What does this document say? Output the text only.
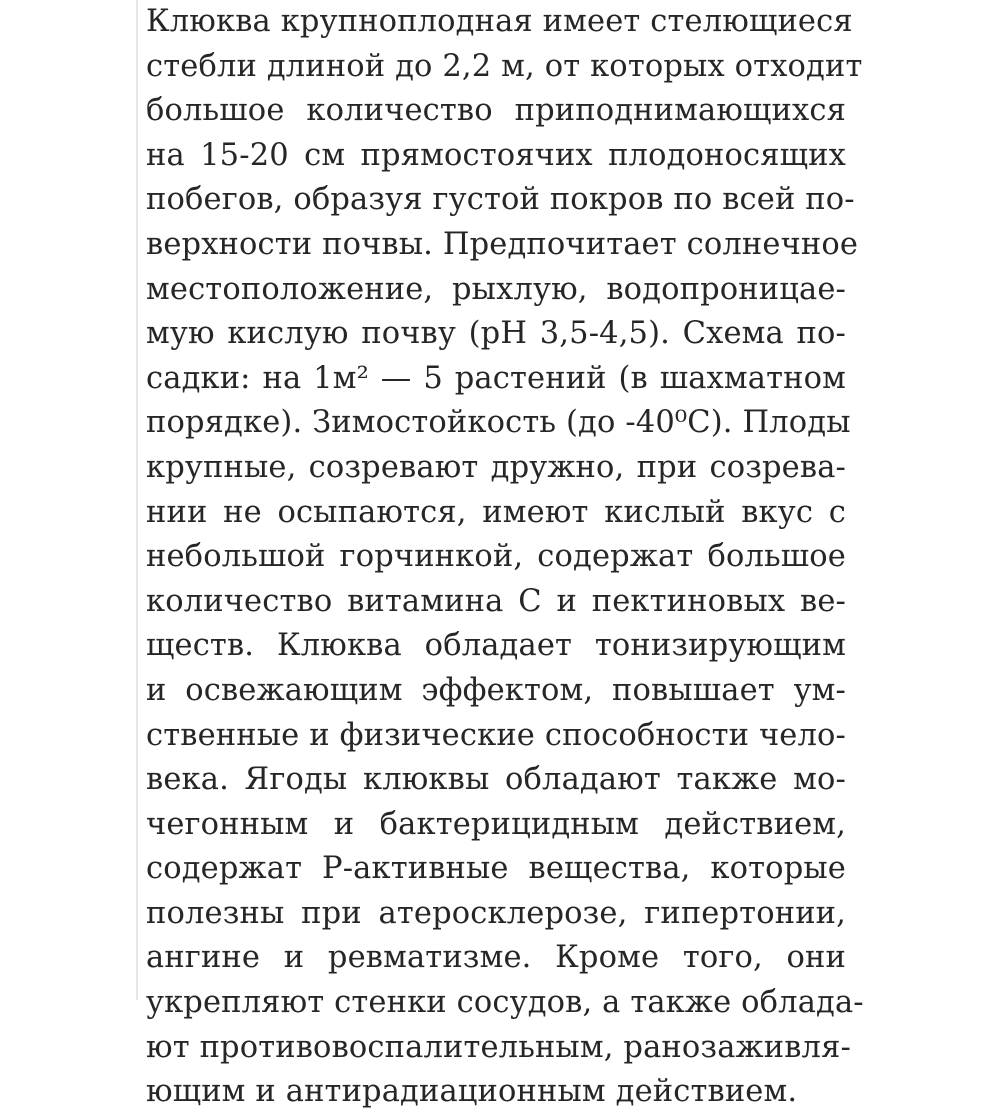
Клюква крупноплодная имеет стелющиеся
стебли длиной до 2,2 м, от которых отходит
большое количество приподнимающихся
на 15-20 см прямостоячих плодоносящих
побегов, образуя густой покров по всей по-
верхности почвы. Предпочитает солнечное
местоположение, рыхлую, водопроницае-
мую кислую почву (pH 3,5-4,5). Схема по-
садки: на 1м² — 5 растений (в шахматном
порядке). Зимостойкость (до -40⁰С). Плоды
крупные, созревают дружно, при созрева-
нии не осыпаются, имеют кислый вкус с
небольшой горчинкой, содержат большое
количество витамина С и пектиновых ве-
ществ. Клюква обладает тонизирующим
и освежающим эффектом, повышает ум-
ственные и физические способности чело-
века. Ягоды клюквы обладают также мо-
чегонным и бактерицидным действием,
содержат Р-активные вещества, которые
полезны при атеросклерозе, гипертонии,
ангине и ревматизме. Кроме того, они
укрепляют стенки сосудов, а также облада-
ют противовоспалительным, ранозаживля-
ющим и антирадиационным действием.
